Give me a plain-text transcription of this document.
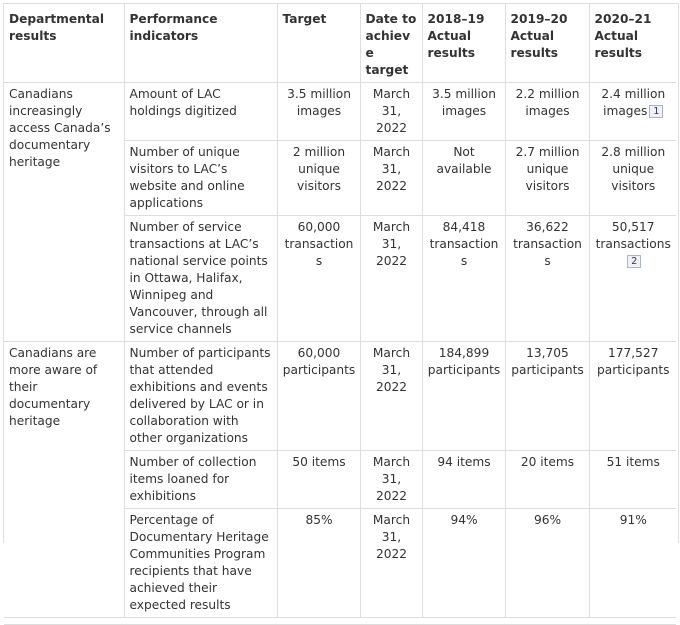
Departmental results	Performance indicators	Target	Date to achieve target	2018–19 Actual results	2019–20 Actual results	2020–21 Actual results
Canadians increasingly access Canada’s documentary heritage	Amount of LAC holdings digitized	3.5 million images	March 31, 2022	3.5 million images	2.2 million images	2.4 million images 1
	Number of unique visitors to LAC’s website and online applications	2 million unique visitors	March 31, 2022	Not available	2.7 million unique visitors	2.8 million unique visitors
	Number of service transactions at LAC’s national service points in Ottawa, Halifax, Winnipeg and Vancouver, through all service channels	60,000 transactions	March 31, 2022	84,418 transactions	36,622 transactions	50,517 transactions
2
Canadians are more aware of their documentary heritage	Number of participants that attended exhibitions and events delivered by LAC or in collaboration with other organizations	60,000 participants	March 31, 2022	184,899 participants	13,705 participants	177,527 participants
	Number of collection items loaned for exhibitions	50 items	March 31, 2022	94 items	20 items	51 items
	Percentage of Documentary Heritage Communities Program recipients that have achieved their expected results	85%	March 31, 2022	94%	96%	91%
